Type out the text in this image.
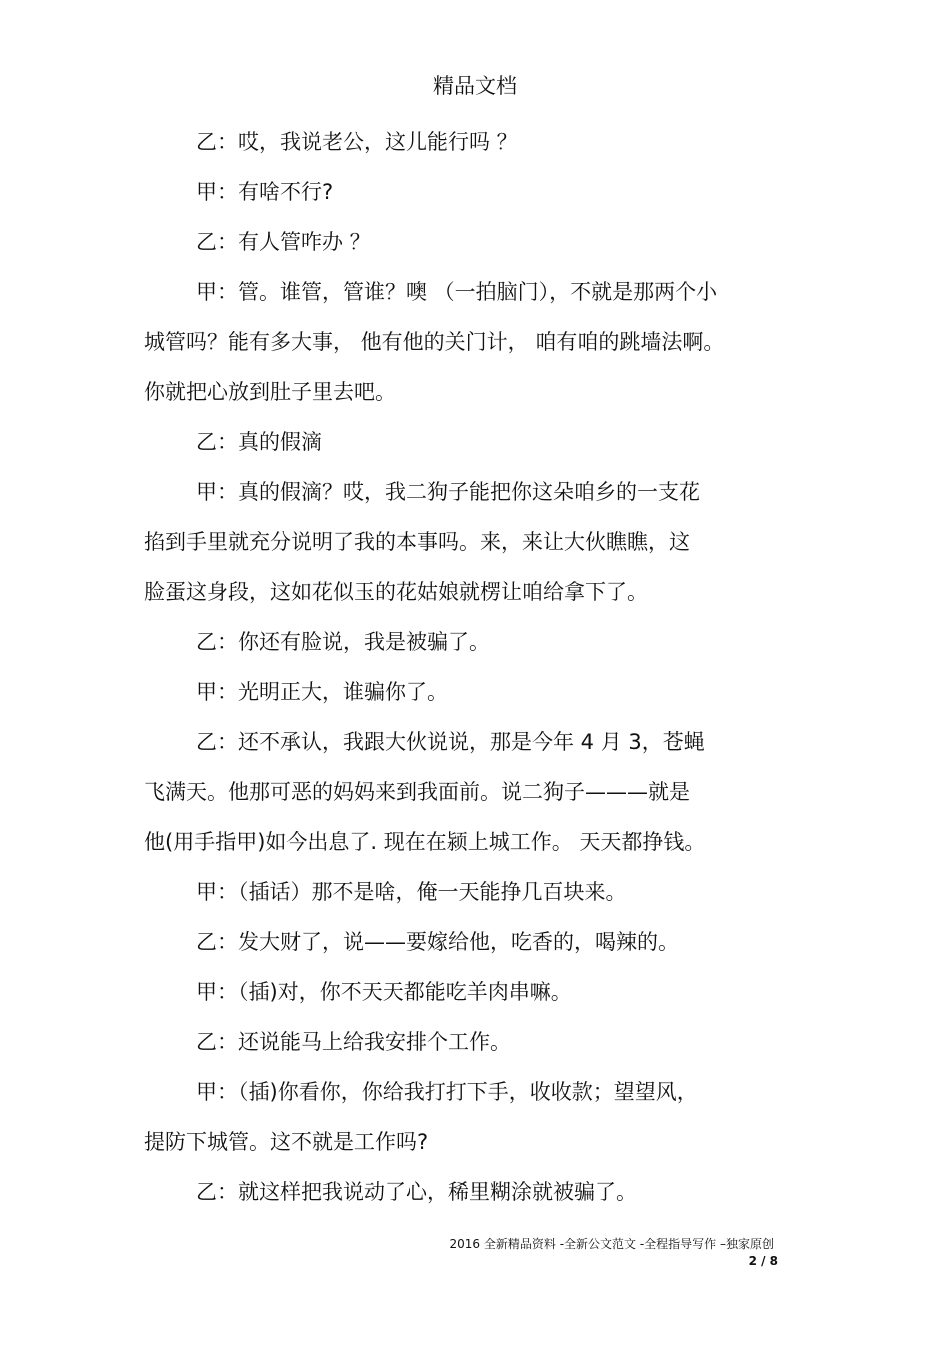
精品文档
乙：哎，我说老公，这儿能行吗 ？
甲：有啥不行?
乙：有人管咋办 ？
甲：管。谁管，管谁？噢 （一拍脑门），不就是那两个小
城管吗？能有多大事， 他有他的关门计， 咱有咱的跳墙法啊。
你就把心放到肚子里去吧。
乙：真的假滴
甲：真的假滴？哎，我二狗子能把你这朵咱乡的一支花
掐到手里就充分说明了我的本事吗。来，来让大伙瞧瞧，这
脸蛋这身段，这如花似玉的花姑娘就楞让咱给拿下了。
乙：你还有脸说，我是被骗了。
甲：光明正大，谁骗你了。
乙：还不承认，我跟大伙说说，那是今年 4 月 3，苍蝇
飞满天。他那可恶的妈妈来到我面前。说二狗子———就是
他(用手指甲)如今出息了. 现在在颍上城工作。 天天都挣钱。
甲：（插话）那不是啥，俺一天能挣几百块来。
乙：发大财了，说——要嫁给他，吃香的，喝辣的。
甲：（插)对，你不天天都能吃羊肉串嘛。
乙：还说能马上给我安排个工作。
甲：（插)你看你，你给我打打下手，收收款；望望风，
提防下城管。这不就是工作吗?
乙：就这样把我说动了心，稀里糊涂就被骗了。
2016 全新精品资料 -全新公文范文 -全程指导写作 –独家原创
2 / 8
